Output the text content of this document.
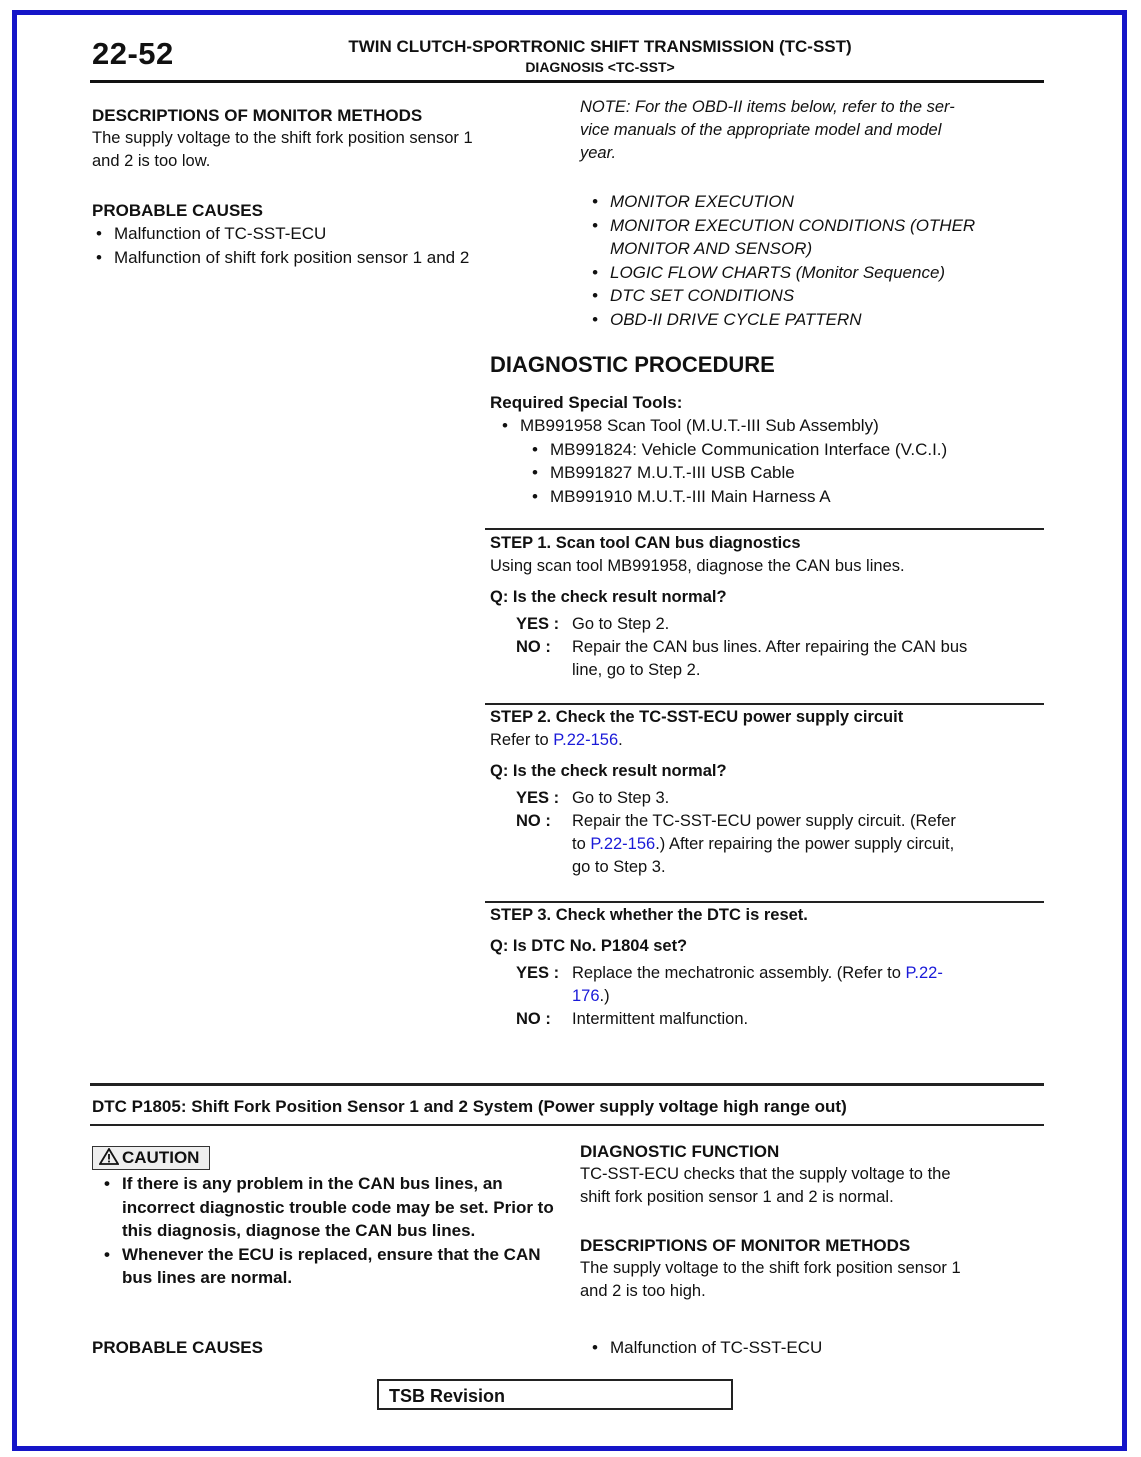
22-52	TWIN CLUTCH-SPORTRONIC SHIFT TRANSMISSION (TC-SST)
DIAGNOSIS <TC-SST>
DESCRIPTIONS OF MONITOR METHODS
The supply voltage to the shift fork position sensor 1
and 2 is too low.
PROBABLE CAUSES
• Malfunction of TC-SST-ECU
• Malfunction of shift fork position sensor 1 and 2
NOTE: For the OBD-II items below, refer to the ser-
vice manuals of the appropriate model and model
year.
• MONITOR EXECUTION
• MONITOR EXECUTION CONDITIONS (OTHER MONITOR AND SENSOR)
• LOGIC FLOW CHARTS (Monitor Sequence)
• DTC SET CONDITIONS
• OBD-II DRIVE CYCLE PATTERN
DIAGNOSTIC PROCEDURE
Required Special Tools:
• MB991958 Scan Tool (M.U.T.-III Sub Assembly)
• MB991824: Vehicle Communication Interface (V.C.I.)
• MB991827 M.U.T.-III USB Cable
• MB991910 M.U.T.-III Main Harness A
STEP 1. Scan tool CAN bus diagnostics
Using scan tool MB991958, diagnose the CAN bus lines.
Q: Is the check result normal?
YES : Go to Step 2.
NO :	Repair the CAN bus lines. After repairing the CAN bus
line, go to Step 2.
STEP 2. Check the TC-SST-ECU power supply circuit
Refer to P.22-156.
Q: Is the check result normal?
YES : Go to Step 3.
NO :	Repair the TC-SST-ECU power supply circuit. (Refer
to P.22-156.) After repairing the power supply circuit,
go to Step 3.
STEP 3. Check whether the DTC is reset.
Q: Is DTC No. P1804 set?
YES : Replace the mechatronic assembly. (Refer to P.22-
176.)
NO :	Intermittent malfunction.
DTC P1805: Shift Fork Position Sensor 1 and 2 System (Power supply voltage high range out)
CAUTION
• If there is any problem in the CAN bus lines, an incorrect diagnostic trouble code may be set. Prior to this diagnosis, diagnose the CAN bus lines.
• Whenever the ECU is replaced, ensure that the CAN bus lines are normal.
PROBABLE CAUSES
DIAGNOSTIC FUNCTION
TC-SST-ECU checks that the supply voltage to the
shift fork position sensor 1 and 2 is normal.
DESCRIPTIONS OF MONITOR METHODS
The supply voltage to the shift fork position sensor 1
and 2 is too high.
• Malfunction of TC-SST-ECU
TSB Revision
